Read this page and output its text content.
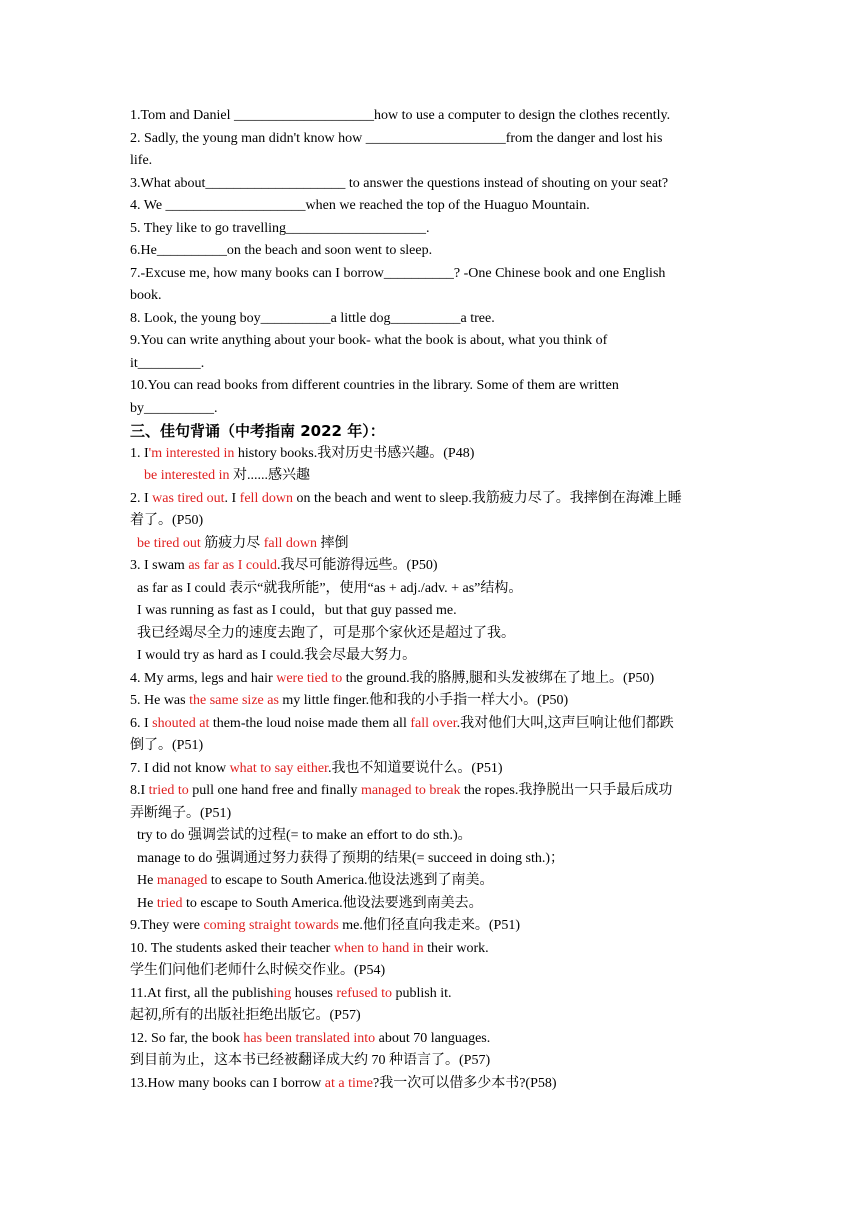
1.Tom and Daniel ____________________how to use a computer to design the clothes recently.
2. Sadly, the young man didn't know how ____________________from the danger and lost his
life.
3.What about____________________ to answer the questions instead of shouting on your seat?
4. We ____________________when we reached the top of the Huaguo Mountain.
5. They like to go travelling____________________.
6.He__________on the beach and soon went to sleep.
7.-Excuse me, how many books can I borrow__________? -One Chinese book and one English
book.
8. Look, the young boy__________a little dog__________a tree.
9.You can write anything about your book- what the book is about, what you think of
it_________.
10.You can read books from different countries in the library. Some of them are written
by__________.
三、佳句背诵（中考指南 2022 年）：
1. I'm interested in history books.我对历史书感兴趣。(P48)
be interested in 对......感兴趣
2. I was tired out. I fell down on the beach and went to sleep.我筋疲力尽了。我摔倒在海滩上睡
着了。(P50)
be tired out 筋疲力尽 fall down 摔倒
3. I swam as far as I could.我尽可能游得远些。(P50)
as far as I could 表示“就我所能”，使用“as + adj./adv. + as”结构。
I was running as fast as I could，but that guy passed me.
我已经竭尽全力的速度去跑了，可是那个家伙还是超过了我。
I would try as hard as I could.我会尽最大努力。
4. My arms, legs and hair were tied to the ground.我的胳膊,腿和头发被绑在了地上。(P50)
5. He was the same size as my little finger.他和我的小手指一样大小。(P50)
6. I shouted at them-the loud noise made them all fall over.我对他们大叫,这声巨响让他们都跌
倒了。(P51)
7. I did not know what to say either.我也不知道要说什么。(P51)
8.I tried to pull one hand free and finally managed to break the ropes.我挣脱出一只手最后成功
弄断绳子。(P51)
try to do 强调尝试的过程(= to make an effort to do sth.)。
manage to do 强调通过努力获得了预期的结果(= succeed in doing sth.)；
He managed to escape to South America.他设法逃到了南美。
He tried to escape to South America.他设法要逃到南美去。
9.They were coming straight towards me.他们径直向我走来。(P51)
10. The students asked their teacher when to hand in their work.
学生们问他们老师什么时候交作业。(P54)
11.At first, all the publishing houses refused to publish it.
起初,所有的出版社拒绝出版它。(P57)
12. So far, the book has been translated into about 70 languages.
到目前为止，这本书已经被翻译成大约 70 种语言了。(P57)
13.How many books can I borrow at a time?我一次可以借多少本书?(P58)
